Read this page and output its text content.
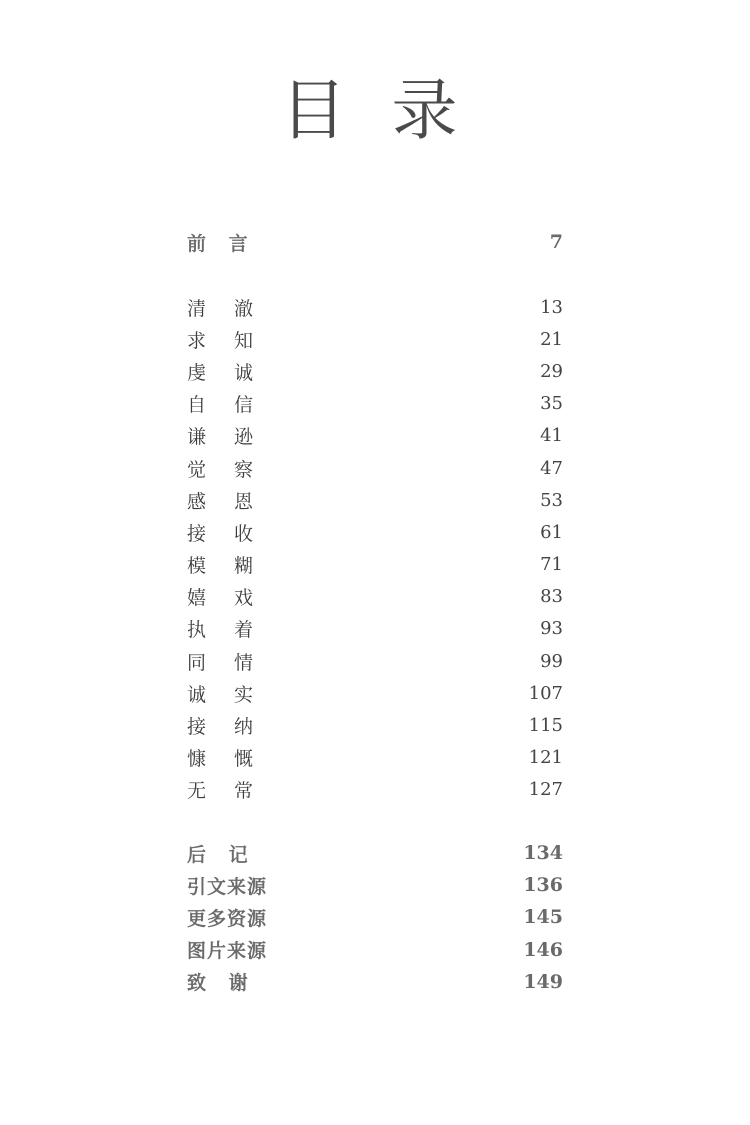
目 录
前 言	7
清 澈	13
求 知	21
虔 诚	29
自 信	35
谦 逊	41
觉 察	47
感 恩	53
接 收	61
模 糊	71
嬉 戏	83
执 着	93
同 情	99
诚 实	107
接 纳	115
慷 慨	121
无 常	127
后 记	134
引文来源	136
更多资源	145
图片来源	146
致 谢	149
